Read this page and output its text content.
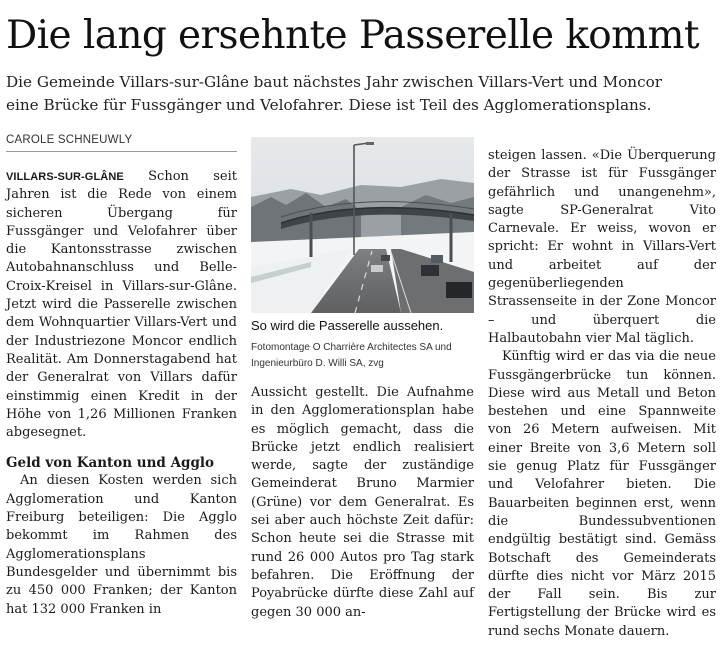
Die lang ersehnte Passerelle kommt
Die Gemeinde Villars-sur-Glâne baut nächstes Jahr zwischen Villars-Vert und Moncor
eine Brücke für Fussgänger und Velofahrer. Diese ist Teil des Agglomerationsplans.
CAROLE SCHNEUWLY

VILLARS-SUR-GLÂNE Schon seit Jahren ist die Rede von einem sicheren Übergang für Fussgänger und Velofahrer über die Kantonsstrasse zwischen Autobahnanschluss und Belle-Croix-Kreisel in Villars-sur-Glâne. Jetzt wird die Passerelle zwischen dem Wohnquartier Villars-Vert und der Industriezone Moncor endlich Realität. Am Donnerstagabend hat der Generalrat von Villars dafür einstimmig einen Kredit in der Höhe von 1,26 Millionen Franken abgesegnet.

Geld von Kanton und Agglo

An diesen Kosten werden sich Agglomeration und Kanton Freiburg beteiligen: Die Agglo bekommt im Rahmen des Agglomerationsplans Bundesgelder und übernimmt bis zu 450 000 Franken; der Kanton hat 132 000 Franken in

So wird die Passerelle aussehen.
Fotomontage O Charrière Architectes SA und Ingenieurbüro D. Willi SA, zvg

Aussicht gestellt. Die Aufnahme in den Agglomerationsplan habe es möglich gemacht, dass die Brücke jetzt endlich realisiert werde, sagte der zuständige Gemeinderat Bruno Marmier (Grüne) vor dem Generalrat. Es sei aber auch höchste Zeit dafür: Schon heute sei die Strasse mit rund 26 000 Autos pro Tag stark befahren. Die Eröffnung der Poyabrücke dürfte diese Zahl auf gegen 30 000 an-

steigen lassen. «Die Überquerung der Strasse ist für Fussgänger gefährlich und unangenehm», sagte SP-Generalrat Vito Carnevale. Er weiss, wovon er spricht: Er wohnt in Villars-Vert und arbeitet auf der gegenüberliegenden Strassenseite in der Zone Moncor – und überquert die Halbautobahn vier Mal täglich.

Künftig wird er das via die neue Fussgängerbrücke tun können. Diese wird aus Metall und Beton bestehen und eine Spannweite von 26 Metern aufweisen. Mit einer Breite von 3,6 Metern soll sie genug Platz für Fussgänger und Velofahrer bieten. Die Bauarbeiten beginnen erst, wenn die Bundessubventionen endgültig bestätigt sind. Gemäss Botschaft des Gemeinderats dürfte dies nicht vor März 2015 der Fall sein. Bis zur Fertigstellung der Brücke wird es rund sechs Monate dauern.
